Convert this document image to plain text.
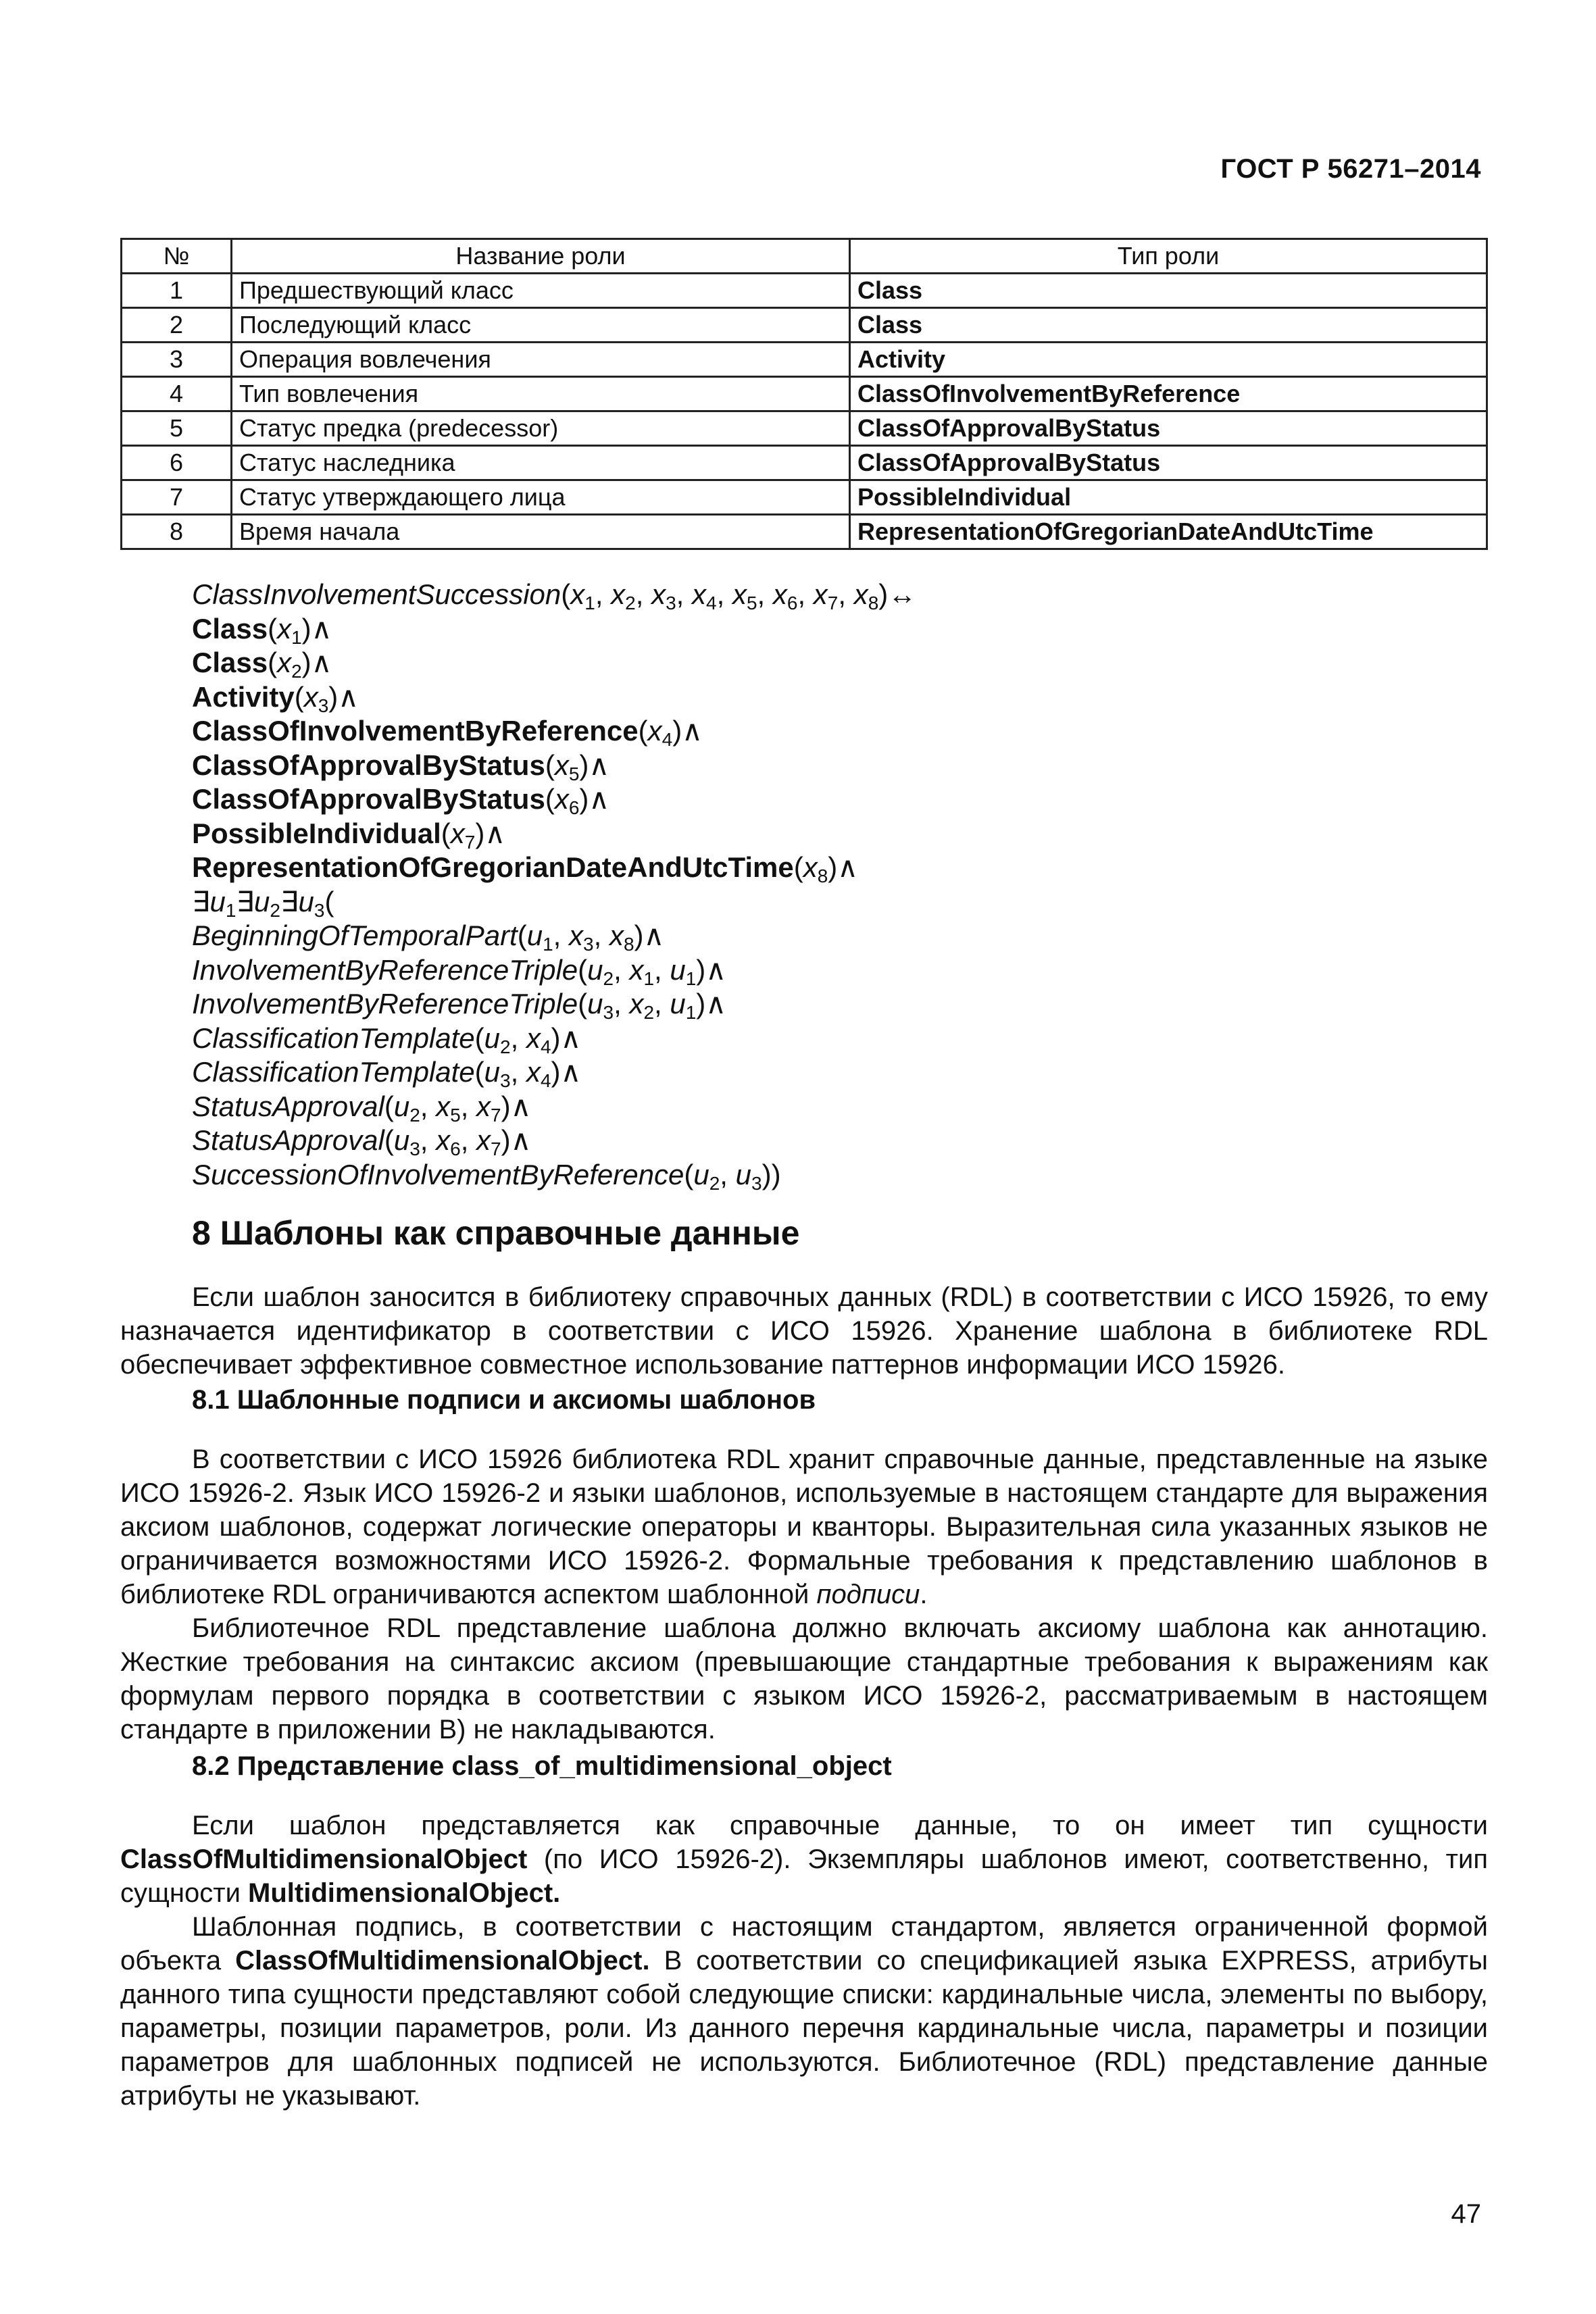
ГОСТ Р 56271–2014
№	Название роли	Тип роли
1	Предшествующий класс	Class
2	Последующий класс	Class
3	Операция вовлечения	Activity
4	Тип вовлечения	ClassOfInvolvementByReference
5	Статус предка (predecessor)	ClassOfApprovalByStatus
6	Статус наследника	ClassOfApprovalByStatus
7	Статус утверждающего лица	PossibleIndividual
8	Время начала	RepresentationOfGregorianDateAndUtcTime
$ClassInvolvementSuccession(x_1$, $x_2$, $x_3$, $x_4$, $x_5$, $x_6$, $x_7$, $x_8)\leftrightarrow$
$Class(x_1)\wedge$
$Class(x_2)\wedge$
$Activity(x_3)\wedge$
$ClassOfInvolvementByReference(x_4)\wedge$
$ClassOfApprovalByStatus(x_5)\wedge$
$ClassOfApprovalByStatus(x_6)\wedge$
$PossibleIndividual(x_7)\wedge$
$RepresentationOfGregorianDateAndUtcTime(x_8)\wedge$
$\exists u_1\exists u_2\exists u_3$(
$BeginningOfTemporalPart(u_1$, $x_3$, $x_8)\wedge$
$InvolvementByReferenceTriple(u_2$, $x_1$, $u_1)\wedge$
$InvolvementByReferenceTriple(u_3$, $x_2$, $u_1)\wedge$
$ClassificationTemplate(u_2$, $x_4)\wedge$
$ClassificationTemplate(u_3$, $x_4)\wedge$
$StatusApproval(u_2$, $x_5$, $x_7)\wedge$
$StatusApproval(u_3$, $x_6$, $x_7)\wedge$
$SuccessionOfInvolvementByReference(u_2$, $u_3$))
8 Шаблоны как справочные данные

Если шаблон заносится в библиотеку справочных данных (RDL) в соответствии с ИСО 15926, то ему назначается идентификатор в соответствии с ИСО 15926. Хранение шаблона в библиотеке RDL обеспечивает эффективное совместное использование паттернов информации ИСО 15926.

8.1 Шаблонные подписи и аксиомы шаблонов

В соответствии с ИСО 15926 библиотека RDL хранит справочные данные, представленные на языке ИСО 15926-2. Язык ИСО 15926-2 и языки шаблонов, используемые в настоящем стандарте для выражения аксиом шаблонов, содержат логические операторы и кванторы. Выразительная сила указанных языков не ограничивается возможностями ИСО 15926-2. Формальные требования к представлению шаблонов в библиотеке RDL ограничиваются аспектом шаблонной подписи.

Библиотечное RDL представление шаблона должно включать аксиому шаблона как аннотацию. Жесткие требования на синтаксис аксиом (превышающие стандартные требования к выражениям как формулам первого порядка в соответствии с языком ИСО 15926-2, рассматриваемым в настоящем стандарте в приложении В) не накладываются.

8.2 Представление class_of_multidimensional_object

Если шаблон представляется как справочные данные, то он имеет тип сущности ClassOfMultidimensionalObject (по ИСО 15926-2). Экземпляры шаблонов имеют, соответственно, тип сущности MultidimensionalObject.

Шаблонная подпись, в соответствии с настоящим стандартом, является ограниченной формой объекта ClassOfMultidimensionalObject. В соответствии со спецификацией языка EXPRESS, атрибуты данного типа сущности представляют собой следующие списки: кардинальные числа, элементы по выбору, параметры, позиции параметров, роли. Из данного перечня кардинальные числа, параметры и позиции параметров для шаблонных подписей не используются. Библиотечное (RDL) представление данные атрибуты не указывают.

47
